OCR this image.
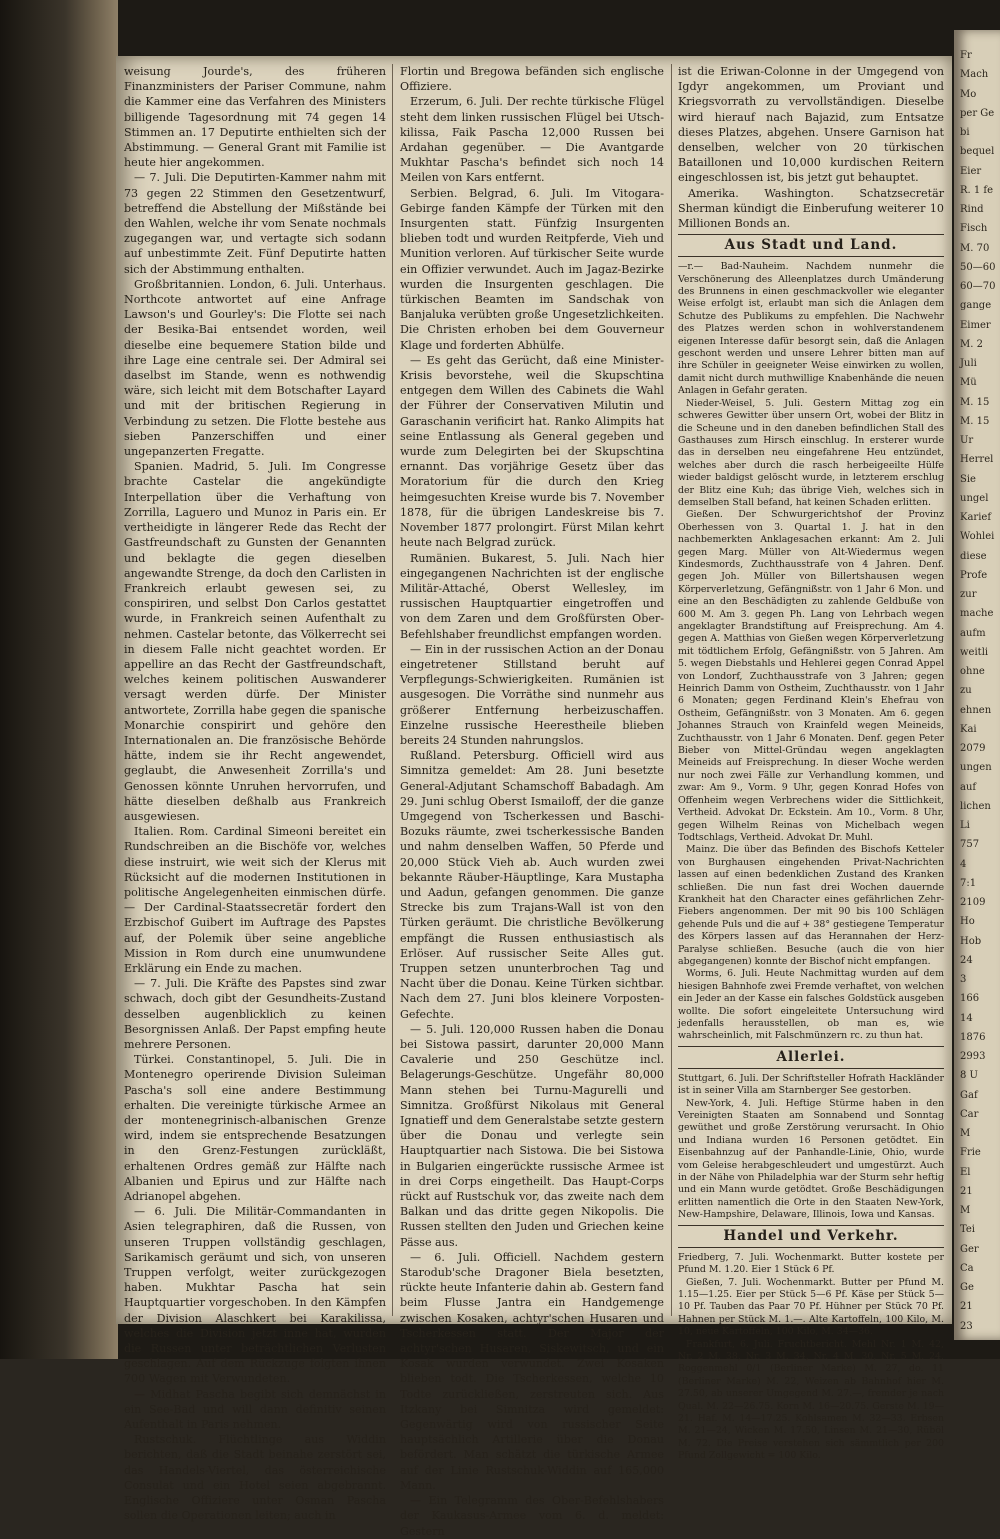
weisung Jourde's, des früheren Finanzministers der Pariser Commune, nahm die Kammer eine das Verfahren des Ministers billigende Tagesordnung mit 74 gegen 14 Stimmen an. 17 Deputirte enthielten sich der Abstimmung. — General Grant mit Familie ist heute hier angekommen.

— 7. Juli. Die Deputirten-Kammer nahm mit 73 gegen 22 Stimmen den Gesetzentwurf, betreffend die Abstellung der Mißstände bei den Wahlen, welche ihr vom Senate nochmals zugegangen war, und vertagte sich sodann auf unbestimmte Zeit. Fünf Deputirte hatten sich der Abstimmung enthalten.

Großbritannien. London, 6. Juli. Unterhaus. Northcote antwortet auf eine Anfrage Lawson's und Gourley's: Die Flotte sei nach der Besika-Bai entsendet worden, weil dieselbe eine bequemere Station bilde und ihre Lage eine centrale sei. Der Admiral sei daselbst im Stande, wenn es nothwendig wäre, sich leicht mit dem Botschafter Layard und mit der britischen Regierung in Verbindung zu setzen. Die Flotte bestehe aus sieben Panzerschiffen und einer ungepanzerten Fregatte.

Spanien. Madrid, 5. Juli. Im Congresse brachte Castelar die angekündigte Interpellation über die Verhaftung von Zorrilla, Laguero und Munoz in Paris ein. Er vertheidigte in längerer Rede das Recht der Gastfreundschaft zu Gunsten der Genannten und beklagte die gegen dieselben angewandte Strenge, da doch den Carlisten in Frankreich erlaubt gewesen sei, zu conspiriren, und selbst Don Carlos gestattet wurde, in Frankreich seinen Aufenthalt zu nehmen. Castelar betonte, das Völkerrecht sei in diesem Falle nicht geachtet worden. Er appellire an das Recht der Gastfreundschaft, welches keinem politischen Auswanderer versagt werden dürfe. Der Minister antwortete, Zorrilla habe gegen die spanische Monarchie conspirirt und gehöre den Internationalen an. Die französische Behörde hätte, indem sie ihr Recht angewendet, geglaubt, die Anwesenheit Zorrilla's und Genossen könnte Unruhen hervorrufen, und hätte dieselben deßhalb aus Frankreich ausgewiesen.

Italien. Rom. Cardinal Simeoni bereitet ein Rundschreiben an die Bischöfe vor, welches diese instruirt, wie weit sich der Klerus mit Rücksicht auf die modernen Institutionen in politische Angelegenheiten einmischen dürfe. — Der Cardinal-Staatssecretär fordert den Erzbischof Guibert im Auftrage des Papstes auf, der Polemik über seine angebliche Mission in Rom durch eine unumwundene Erklärung ein Ende zu machen.

— 7. Juli. Die Kräfte des Papstes sind zwar schwach, doch gibt der Gesundheits-Zustand desselben augenblicklich zu keinen Besorgnissen Anlaß. Der Papst empfing heute mehrere Personen.

Türkei. Constantinopel, 5. Juli. Die in Montenegro operirende Division Suleiman Pascha's soll eine andere Bestimmung erhalten. Die vereinigte türkische Armee an der montenegrinisch-albanischen Grenze wird, indem sie entsprechende Besatzungen in den Grenz-Festungen zurückläßt, erhaltenen Ordres gemäß zur Hälfte nach Albanien und Epirus und zur Hälfte nach Adrianopel abgehen.

— 6. Juli. Die Militär-Commandanten in Asien telegraphiren, daß die Russen, von unseren Truppen vollständig geschlagen, Sarikamisch geräumt und sich, von unseren Truppen verfolgt, weiter zurückgezogen haben. Mukhtar Pascha hat sein Hauptquartier vorgeschoben. In den Kämpfen der Division Alaschkert bei Karakilissa, welches die Division jetzt inne hat, wurden die Russen unter beträchtlichen Verlusten geschlagen. Auf dem Rückzuge folgten ihnen 700 Wagen mit Verwundeten.

— Midhat Pascha begibt sich demnächst in ein See-Bad und will dann definitiv seinen Aufenthalt in Paris nehmen.

Rustschuk. Flüchtlinge aus Widdin berichten, daß die Stadt beinahe zerstört sei, das Handels-Viertel, das österreichische Consulat und ein Hotel seien abgebrannt. Englische Offiziere unter Osman Pascha sollen die Operationen leiten; auch in

Flortin und Bregowa befänden sich englische Offiziere.

Erzerum, 6. Juli. Der rechte türkische Flügel steht dem linken russischen Flügel bei Utsch-kilissa, Faik Pascha 12,000 Russen bei Ardahan gegenüber. — Die Avantgarde Mukhtar Pascha's befindet sich noch 14 Meilen von Kars entfernt.

Serbien. Belgrad, 6. Juli. Im Vitogara-Gebirge fanden Kämpfe der Türken mit den Insurgenten statt. Fünfzig Insurgenten blieben todt und wurden Reitpferde, Vieh und Munition verloren. Auf türkischer Seite wurde ein Offizier verwundet. Auch im Jagaz-Bezirke wurden die Insurgenten geschlagen. Die türkischen Beamten im Sandschak von Banjaluka verübten große Ungesetzlichkeiten. Die Christen erhoben bei dem Gouverneur Klage und forderten Abhülfe.

— Es geht das Gerücht, daß eine Minister-Krisis bevorstehe, weil die Skupschtina entgegen dem Willen des Cabinets die Wahl der Führer der Conservativen Milutin und Garaschanin verificirt hat. Ranko Alimpits hat seine Entlassung als General gegeben und wurde zum Delegirten bei der Skupschtina ernannt. Das vorjährige Gesetz über das Moratorium für die durch den Krieg heimgesuchten Kreise wurde bis 7. November 1878, für die übrigen Landeskreise bis 7. November 1877 prolongirt. Fürst Milan kehrt heute nach Belgrad zurück.

Rumänien. Bukarest, 5. Juli. Nach hier eingegangenen Nachrichten ist der englische Militär-Attaché, Oberst Wellesley, im russischen Hauptquartier eingetroffen und von dem Zaren und dem Großfürsten Ober-Befehlshaber freundlichst empfangen worden.

— Ein in der russischen Action an der Donau eingetretener Stillstand beruht auf Verpflegungs-Schwierigkeiten. Rumänien ist ausgesogen. Die Vorräthe sind nunmehr aus größerer Entfernung herbeizuschaffen. Einzelne russische Heerestheile blieben bereits 24 Stunden nahrungslos.

Rußland. Petersburg. Officiell wird aus Simnitza gemeldet: Am 28. Juni besetzte General-Adjutant Schamschoff Babadagh. Am 29. Juni schlug Oberst Ismailoff, der die ganze Umgegend von Tscherkessen und Baschi-Bozuks räumte, zwei tscherkessische Banden und nahm denselben Waffen, 50 Pferde und 20,000 Stück Vieh ab. Auch wurden zwei bekannte Räuber-Häuptlinge, Kara Mustapha und Aadun, gefangen genommen. Die ganze Strecke bis zum Trajans-Wall ist von den Türken geräumt. Die christliche Bevölkerung empfängt die Russen enthusiastisch als Erlöser. Auf russischer Seite Alles gut. Truppen setzen ununterbrochen Tag und Nacht über die Donau. Keine Türken sichtbar. Nach dem 27. Juni blos kleinere Vorposten-Gefechte.

— 5. Juli. 120,000 Russen haben die Donau bei Sistowa passirt, darunter 20,000 Mann Cavalerie und 250 Geschütze incl. Belagerungs-Geschütze. Ungefähr 80,000 Mann stehen bei Turnu-Magurelli und Simnitza. Großfürst Nikolaus mit General Ignatieff und dem Generalstabe setzte gestern über die Donau und verlegte sein Hauptquartier nach Sistowa. Die bei Sistowa in Bulgarien eingerückte russische Armee ist in drei Corps eingetheilt. Das Haupt-Corps rückt auf Rustschuk vor, das zweite nach dem Balkan und das dritte gegen Nikopolis. Die Russen stellten den Juden und Griechen keine Pässe aus.

— 6. Juli. Officiell. Nachdem gestern Starodub'sche Dragoner Biela besetzten, rückte heute Infanterie dahin ab. Gestern fand beim Flusse Jantra ein Handgemenge zwischen Kosaken, achtyr'schen Husaren und Tscherkessen statt. Der Major der achtyr'schen Husaren, Siskewitsch, und ein Kosak wurden verwundet. Zwei Kosaken blieben todt. Die Tscherkessen, welche 10 Todte zurückließen, zerstreuten sich. Aus Itzkany bei Simnitza wird gemeldet: Gegenwärtig wird von russischer Seite hauptsächlich Artillerie über die Donau befördert. Man schätzt die türkische Armee auf der Linie Rustschuk-Widdin auf 165,000 Mann.

— Ein Telegramm des Ober-Befehlshabers der Kaukasus-Armee vom 6. d. meldet: Gestern

ist die Eriwan-Colonne in der Umgegend von Igdyr angekommen, um Proviant und Kriegsvorrath zu vervollständigen. Dieselbe wird hierauf nach Bajazid, zum Entsatze dieses Platzes, abgehen. Unsere Garnison hat denselben, welcher von 20 türkischen Bataillonen und 10,000 kurdischen Reitern eingeschlossen ist, bis jetzt gut behauptet.

Amerika. Washington. Schatzsecretär Sherman kündigt die Einberufung weiterer 10 Millionen Bonds an.

Aus Stadt und Land.

—r.— Bad-Nauheim. Nachdem nunmehr die Verschönerung des Alleenplatzes durch Umänderung des Brunnens in einen geschmackvoller wie eleganter Weise erfolgt ist, erlaubt man sich die Anlagen dem Schutze des Publikums zu empfehlen. Die Nachwehr des Platzes werden schon in wohlverstandenem eigenen Interesse dafür besorgt sein, daß die Anlagen geschont werden und unsere Lehrer bitten man auf ihre Schüler in geeigneter Weise einwirken zu wollen, damit nicht durch muthwillige Knabenhände die neuen Anlagen in Gefahr geraten.

Nieder-Weisel, 5. Juli. Gestern Mittag zog ein schweres Gewitter über unsern Ort, wobei der Blitz in die Scheune und in den daneben befindlichen Stall des Gasthauses zum Hirsch einschlug. In ersterer wurde das in derselben neu eingefahrene Heu entzündet, welches aber durch die rasch herbeigeeilte Hülfe wieder baldigst gelöscht wurde, in letzterem erschlug der Blitz eine Kuh; das übrige Vieh, welches sich in demselben Stall befand, hat keinen Schaden erlitten.

Gießen. Der Schwurgerichtshof der Provinz Oberhessen von 3. Quartal 1. J. hat in den nachbemerkten Anklagesachen erkannt: Am 2. Juli gegen Marg. Müller von Alt-Wiedermus wegen Kindesmords, Zuchthausstrafe von 4 Jahren. Denf. gegen Joh. Müller von Billertshausen wegen Körperverletzung, Gefängnißstr. von 1 Jahr 6 Mon. und eine an den Beschädigten zu zahlende Geldbuße von 600 M. Am 3. gegen Ph. Lang von Lehrbach wegen angeklagter Brandstiftung auf Freisprechung. Am 4. gegen A. Matthias von Gießen wegen Körperverletzung mit tödtlichem Erfolg, Gefängnißstr. von 5 Jahren. Am 5. wegen Diebstahls und Hehlerei gegen Conrad Appel von Londorf, Zuchthausstrafe von 3 Jahren; gegen Heinrich Damm von Ostheim, Zuchthausstr. von 1 Jahr 6 Monaten; gegen Ferdinand Klein's Ehefrau von Ostheim, Gefängnißstr. von 3 Monaten. Am 6. gegen Johannes Strauch von Krainfeld wegen Meineids, Zuchthausstr. von 1 Jahr 6 Monaten. Denf. gegen Peter Bieber von Mittel-Gründau wegen angeklagten Meineids auf Freisprechung. In dieser Woche werden nur noch zwei Fälle zur Verhandlung kommen, und zwar: Am 9., Vorm. 9 Uhr, gegen Konrad Hofes von Offenheim wegen Verbrechens wider die Sittlichkeit, Vertheid. Advokat Dr. Eckstein. Am 10., Vorm. 8 Uhr, gegen Wilhelm Reinas von Michelbach wegen Todtschlags, Vertheid. Advokat Dr. Muhl.

Mainz. Die über das Befinden des Bischofs Ketteler von Burghausen eingehenden Privat-Nachrichten lassen auf einen bedenklichen Zustand des Kranken schließen. Die nun fast drei Wochen dauernde Krankheit hat den Character eines gefährlichen Zehr-Fiebers angenommen. Der mit 90 bis 100 Schlägen gehende Puls und die auf + 38° gestiegene Temperatur des Körpers lassen auf das Herannahen der Herz-Paralyse schließen. Besuche (auch die von hier abgegangenen) konnte der Bischof nicht empfangen.

Worms, 6. Juli. Heute Nachmittag wurden auf dem hiesigen Bahnhofe zwei Fremde verhaftet, von welchen ein Jeder an der Kasse ein falsches Goldstück ausgeben wollte. Die sofort eingeleitete Untersuchung wird jedenfalls herausstellen, ob man es, wie wahrscheinlich, mit Falschmünzern rc. zu thun hat.

Allerlei.

Stuttgart, 6. Juli. Der Schriftsteller Hofrath Hackländer ist in seiner Villa am Starnberger See gestorben.

New-York, 4. Juli. Heftige Stürme haben in den Vereinigten Staaten am Sonnabend und Sonntag gewüthet und große Zerstörung verursacht. In Ohio und Indiana wurden 16 Personen getödtet. Ein Eisenbahnzug auf der Panhandle-Linie, Ohio, wurde vom Geleise herabgeschleudert und umgestürzt. Auch in der Nähe von Philadelphia war der Sturm sehr heftig und ein Mann wurde getödtet. Große Beschädigungen erlitten namentlich die Orte in den Staaten New-York, New-Hampshire, Delaware, Illinois, Iowa und Kansas.

Handel und Verkehr.

Friedberg, 7. Juli. Wochenmarkt. Butter kostete per Pfund M. 1.20. Eier 1 Stück 6 Pf.

Gießen, 7. Juli. Wochenmarkt. Butter per Pfund M. 1.15—1.25. Eier per Stück 5—6 Pf. Käse per Stück 5—10 Pf. Tauben das Paar 70 Pf. Hühner per Stück 70 Pf. Hahnen per Stück M. 1.—. Alte Kartoffeln, 100 Kilo, M. 10, neue Kartoffeln, 100 Kilo, M. 34—36.

Frankfurt, 6. Juli. Fruchtbericht. Mehl Nr. 1 M. 42, Nr. 2 M. 38, Nr. 3 M. 34, Nr. 4 M. 30, Nr. 5 M. 24. Roggenmehl 0/1 (Berliner Marke) M. 27, do. 11 (Berliner Marke) M. 22, Weizen ab Bahnhof hier M. 27.50, ab unserer Umgegend M. 27.—, fremder je nach Qual. M. 22—26.75. Korn M. 16—20.75. Gerste M. 19—21. Haf. M. 14—17.25. Kohlsamen M. 32—33. Erbsen M. 21—24, Wicken M. 17.50, Linsen M. 21—30, Rüböl M. 72. Die Preise verstehen sich sämmtlich per 200 Pfund Zollgewicht = 100 Kilo.

Fr
Mach
Mo
per Ge
bi
bequel
Eier
R. 1 fe
Rind
Fisch
M. 70
50—60
60—70
gange
Eimer
M. 2
Juli
Mü
M. 15
M. 15
Ur
Herrel
Sie
ungel
Karief
Wohlei
diese
Profe
zur
mache
aufm
weitli
ohne
zu
ehnen
Kai
2079
ungen
auf
lichen
Li
757
4
7:1
2109
Ho
Hob
24
3
166
14
1876
2993
8 U
Gaf
Car
M
Frie
El
21
M
Tei
Ger
Ca
Ge
21
23
